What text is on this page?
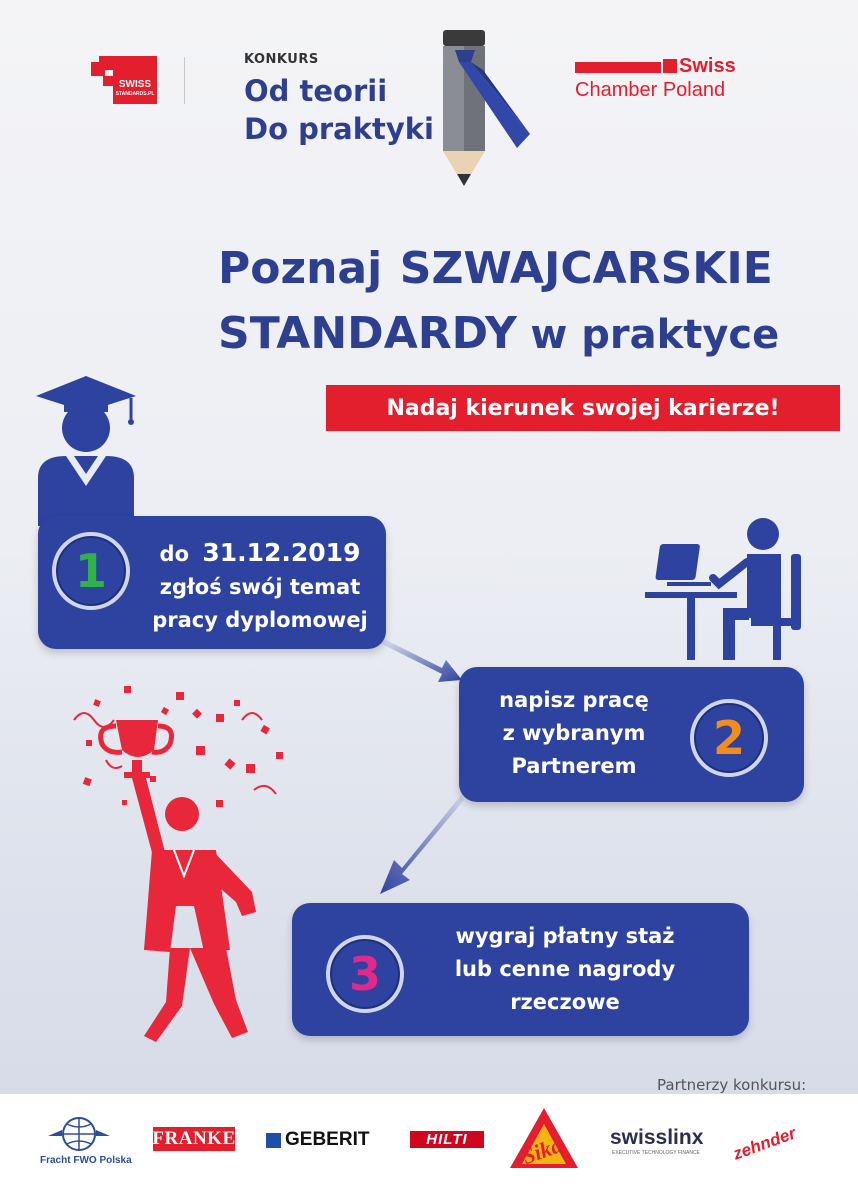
SWISS
STANDARDS.PL
KONKURS
Od teorii
Do praktyki
Swiss
Chamber Poland
Poznaj SZWAJCARSKIE
STANDARDY w praktyce
Nadaj kierunek swojej karierze!
1	do 31.12.2019
zgłoś swój temat
pracy dyplomowej
napisz pracę
z wybranym
Partnerem
2
3
wygraj płatny staż
lub cenne nagrody
rzeczowe
Partnerzy konkursu:
Fracht FWO Polska
FRANKE	GEBERIT	HILTI Sika swisslinx
EXECUTIVE TECHNOLOGY FINANCE zehnder
